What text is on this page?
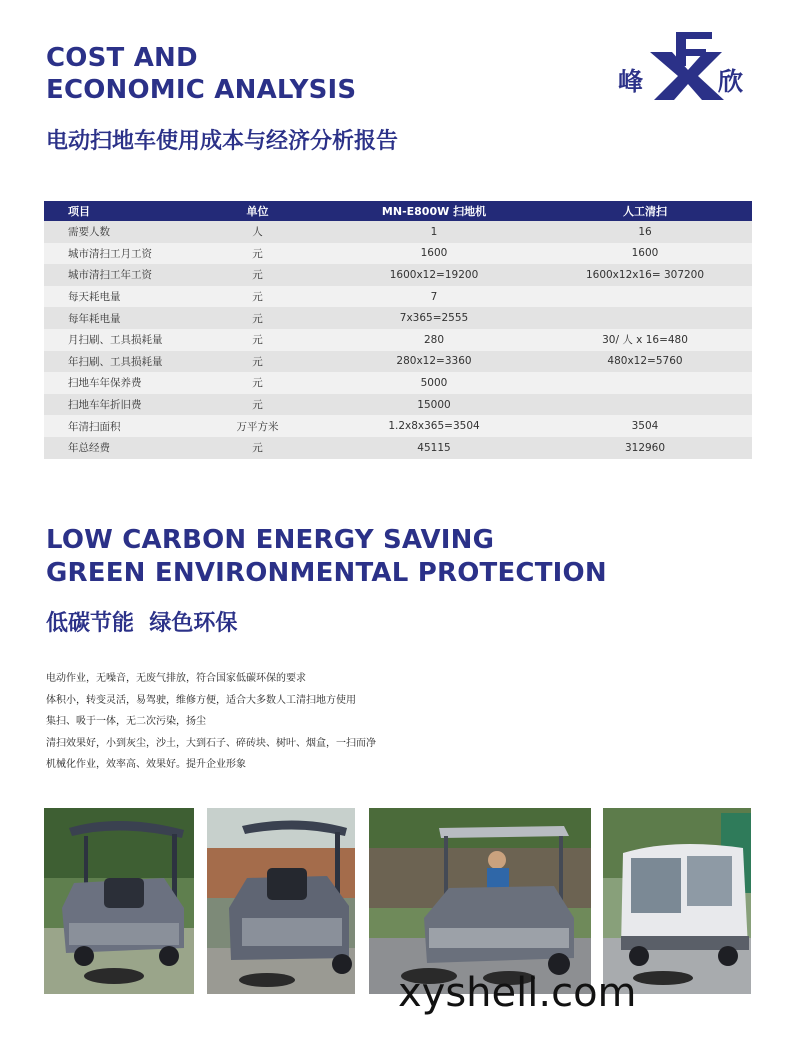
COST AND
ECONOMIC ANALYSIS
电动扫地车使用成本与经济分析报告
峰	欣
项目	单位	MN-E800W 扫地机	人工清扫
需要人数	人	1	16
城市清扫工月工资	元	1600	1600
城市清扫工年工资	元	1600x12=19200	1600x12x16= 307200
每天耗电量	元	7	
每年耗电量	元	7x365=2555	
月扫刷、工具损耗量	元	280	30/ 人 x 16=480
年扫刷、工具损耗量	元	280x12=3360	480x12=5760
扫地车年保养费	元	5000	
扫地车年折旧费	元	15000	
年清扫面积	万平方米	1.2x8x365=3504	3504
年总经费	元	45115	312960
LOW CARBON ENERGY SAVING
GREEN ENVIRONMENTAL PROTECTION
低碳节能  绿色环保
电动作业，无噪音，无废气排放，符合国家低碳环保的要求
体积小，转变灵活，易驾驶，维修方便，适合大多数人工清扫地方使用
集扫、吸于一体，无二次污染，扬尘
清扫效果好，小到灰尘，沙土，大到石子、碎砖块、树叶、烟盒，一扫而净
机械化作业，效率高、效果好。提升企业形象

xyshell.com
